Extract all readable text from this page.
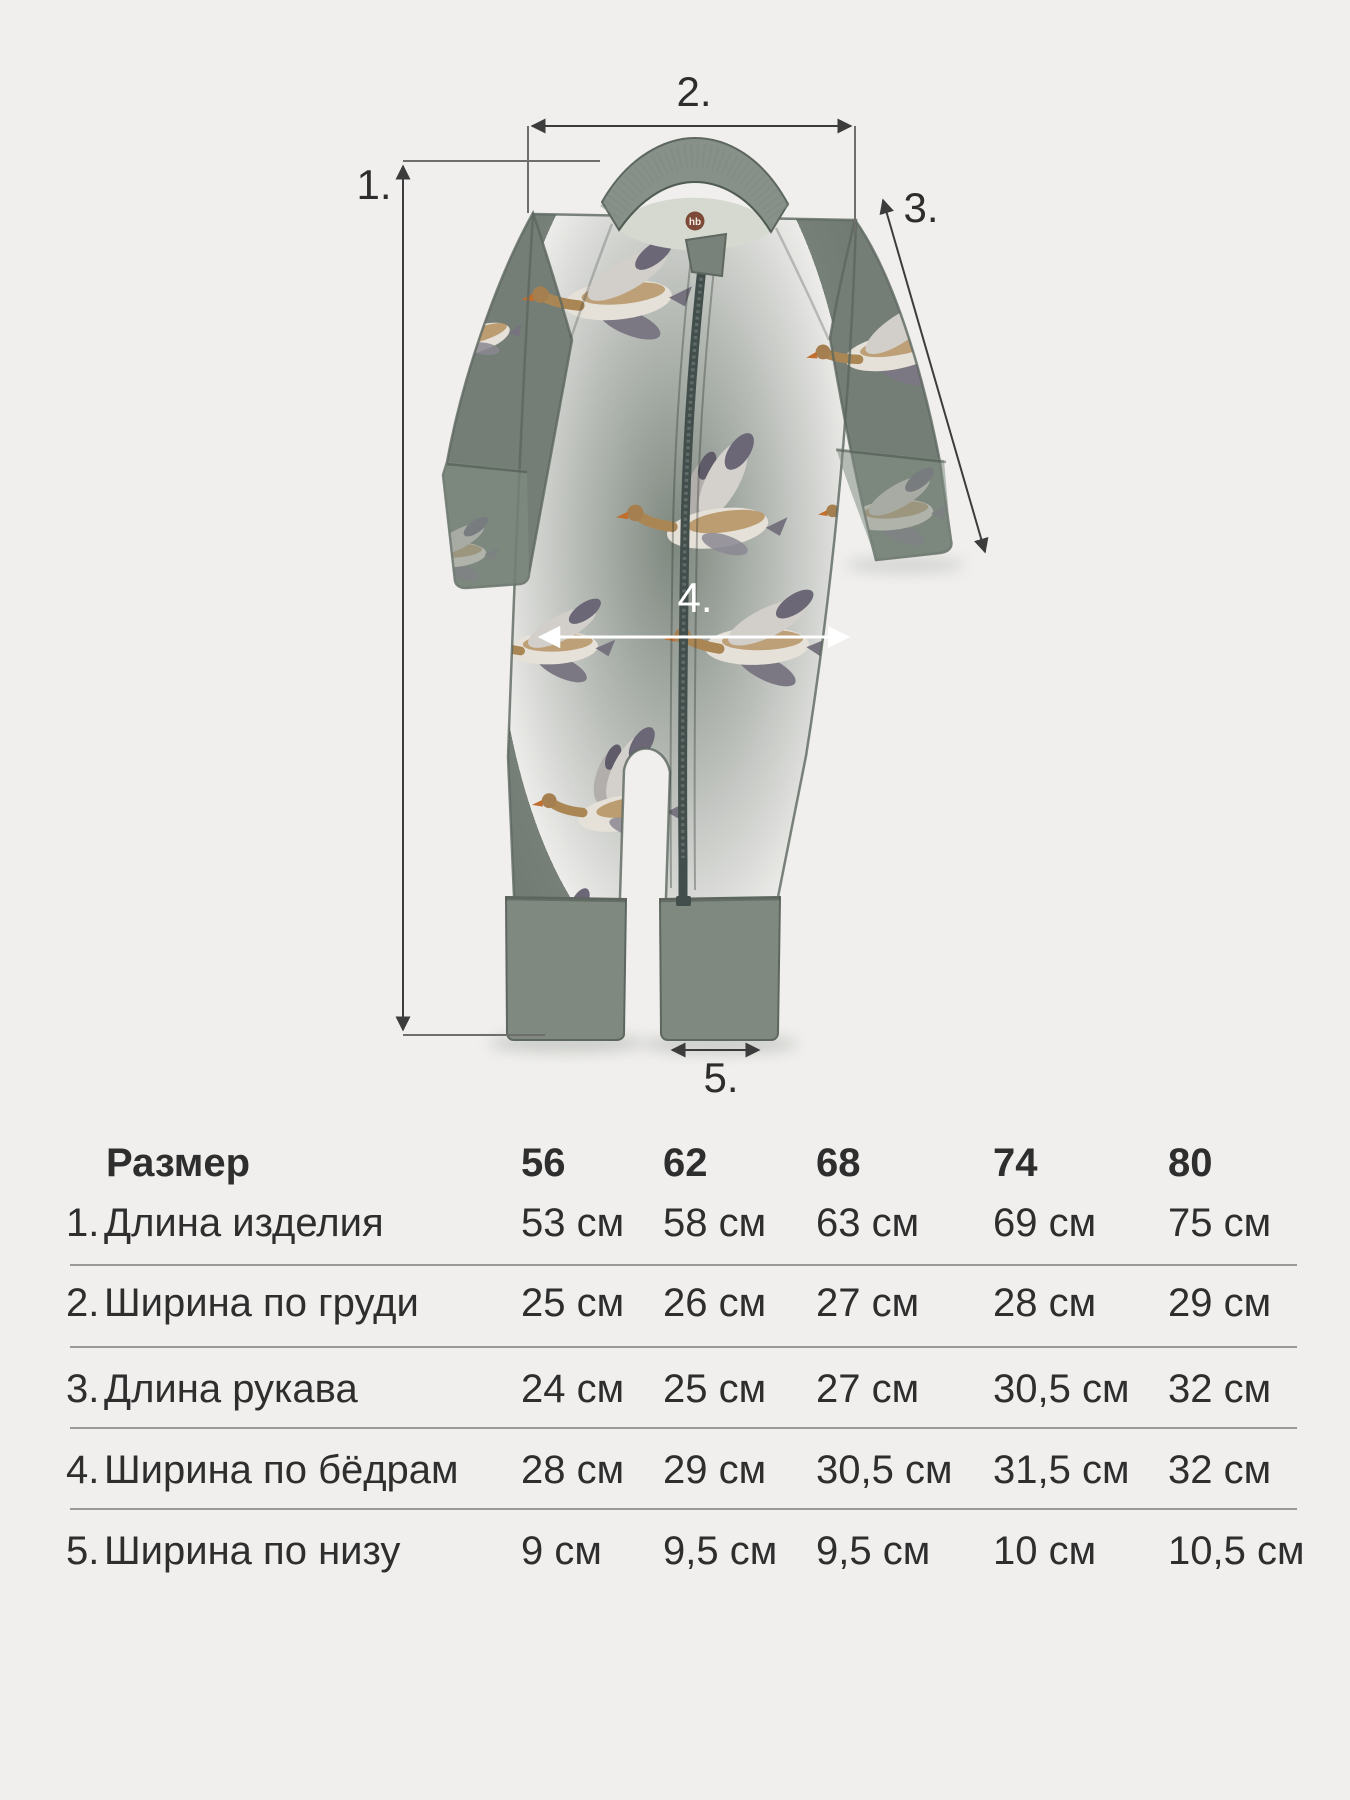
hb
4.
1.
2.
3.
5.
Размер	56 62	68	74	80
1. Длина изделия	53 см 58 см 63 см 69 см 75 см
2. Ширина по груди	25 см 26 см 27 см 28 см 29 см
3. Длина рукава	24 см 25 см 27 см 30,5 см 32 см
4. Ширина по бёдрам 28 см 29 см 30,5 см 31,5 см 32 см
5. Ширина по низу	9 см 9,5 см 9,5 см 10 см 10,5 см
